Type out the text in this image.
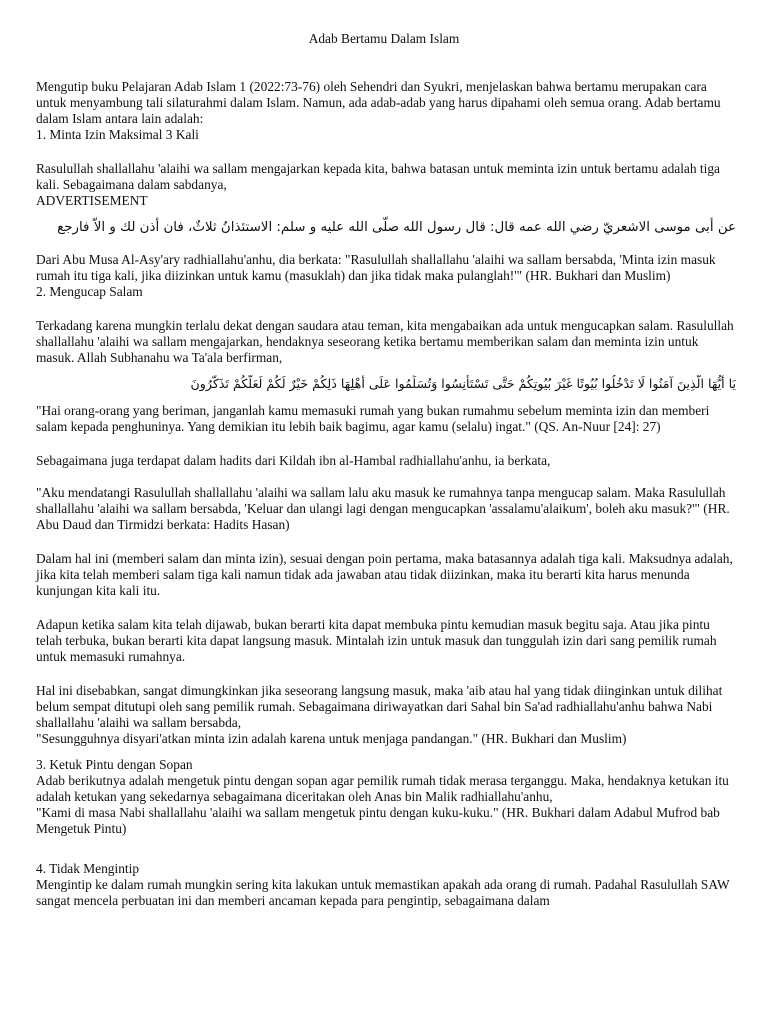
Adab Bertamu Dalam Islam

Mengutip buku Pelajaran Adab Islam 1 (2022:73-76) oleh Sehendri dan Syukri, menjelaskan bahwa bertamu merupakan cara untuk menyambung tali silaturahmi dalam Islam. Namun, ada adab-adab yang harus dipahami oleh semua orang. Adab bertamu dalam Islam antara lain adalah:
1. Minta Izin Maksimal 3 Kali

Rasulullah shallallahu 'alaihi wa sallam mengajarkan kepada kita, bahwa batasan untuk meminta izin untuk bertamu adalah tiga kali. Sebagaimana dalam sabdanya,
ADVERTISEMENT

عن أبى موسى الاشعريّ رضي الله عمه قال: قال رسول الله صلّى الله عليه و سلم: الاستئذانُ ثلاثٌ، فان أذن لك و الاّ فارجع

Dari Abu Musa Al-Asy'ary radhiallahu'anhu, dia berkata: "Rasulullah shallallahu 'alaihi wa sallam bersabda, 'Minta izin masuk rumah itu tiga kali, jika diizinkan untuk kamu (masuklah) dan jika tidak maka pulanglah!'" (HR. Bukhari dan Muslim)
2. Mengucap Salam

Terkadang karena mungkin terlalu dekat dengan saudara atau teman, kita mengabaikan ada untuk mengucapkan salam. Rasulullah shallallahu 'alaihi wa sallam mengajarkan, hendaknya seseorang ketika bertamu memberikan salam dan meminta izin untuk masuk. Allah Subhanahu wa Ta'ala berfirman,

يَا أَيُّهَا الَّذِينَ آمَنُوا لَا تَدْخُلُوا بُيُوتًا غَيْرَ بُيُوتِكُمْ حَتَّى تَسْتَأْنِسُوا وَتُسَلِّمُوا عَلَى أَهْلِهَا ذَلِكُمْ خَيْرٌ لَكُمْ لَعَلَّكُمْ تَذَكَّرُونَ

"Hai orang-orang yang beriman, janganlah kamu memasuki rumah yang bukan rumahmu sebelum meminta izin dan memberi salam kepada penghuninya. Yang demikian itu lebih baik bagimu, agar kamu (selalu) ingat." (QS. An-Nuur [24]: 27)

Sebagaimana juga terdapat dalam hadits dari Kildah ibn al-Hambal radhiallahu'anhu, ia berkata,

"Aku mendatangi Rasulullah shallallahu 'alaihi wa sallam lalu aku masuk ke rumahnya tanpa mengucap salam. Maka Rasulullah shallallahu 'alaihi wa sallam bersabda, 'Keluar dan ulangi lagi dengan mengucapkan 'assalamu'alaikum', boleh aku masuk?'" (HR. Abu Daud dan Tirmidzi berkata: Hadits Hasan)

Dalam hal ini (memberi salam dan minta izin), sesuai dengan poin pertama, maka batasannya adalah tiga kali. Maksudnya adalah, jika kita telah memberi salam tiga kali namun tidak ada jawaban atau tidak diizinkan, maka itu berarti kita harus menunda kunjungan kita kali itu.

Adapun ketika salam kita telah dijawab, bukan berarti kita dapat membuka pintu kemudian masuk begitu saja. Atau jika pintu telah terbuka, bukan berarti kita dapat langsung masuk. Mintalah izin untuk masuk dan tunggulah izin dari sang pemilik rumah untuk memasuki rumahnya.

Hal ini disebabkan, sangat dimungkinkan jika seseorang langsung masuk, maka 'aib atau hal yang tidak diinginkan untuk dilihat belum sempat ditutupi oleh sang pemilik rumah. Sebagaimana diriwayatkan dari Sahal bin Sa'ad radhiallahu'anhu bahwa Nabi shallallahu 'alaihi wa sallam bersabda,
"Sesungguhnya disyari'atkan minta izin adalah karena untuk menjaga pandangan." (HR. Bukhari dan Muslim)

3. Ketuk Pintu dengan Sopan
Adab berikutnya adalah mengetuk pintu dengan sopan agar pemilik rumah tidak merasa terganggu. Maka, hendaknya ketukan itu adalah ketukan yang sekedarnya sebagaimana diceritakan oleh Anas bin Malik radhiallahu'anhu,
"Kami di masa Nabi shallallahu 'alaihi wa sallam mengetuk pintu dengan kuku-kuku." (HR. Bukhari dalam Adabul Mufrod bab Mengetuk Pintu)

4. Tidak Mengintip
Mengintip ke dalam rumah mungkin sering kita lakukan untuk memastikan apakah ada orang di rumah. Padahal Rasulullah SAW sangat mencela perbuatan ini dan memberi ancaman kepada para pengintip, sebagaimana dalam
